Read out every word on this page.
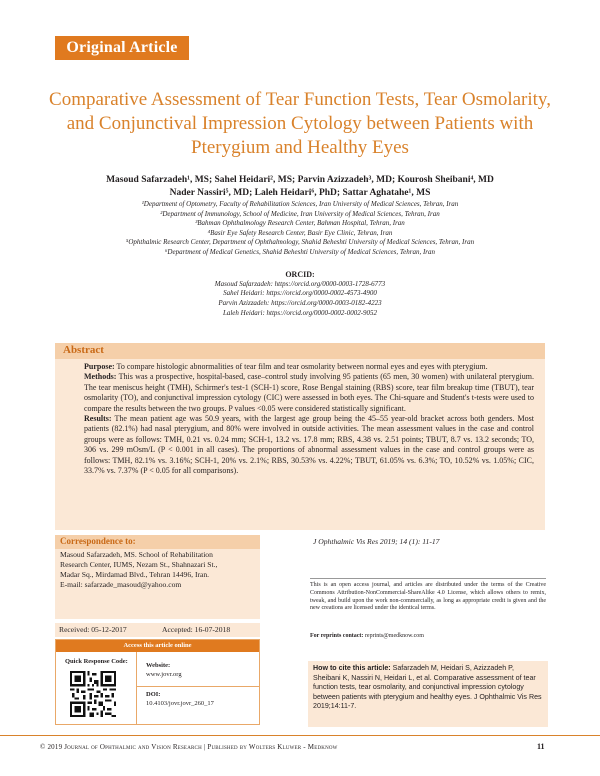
Original Article
Comparative Assessment of Tear Function Tests, Tear Osmolarity, and Conjunctival Impression Cytology between Patients with Pterygium and Healthy Eyes
Masoud Safarzadeh¹, MS; Sahel Heidari², MS; Parvin Azizzadeh³, MD; Kourosh Sheibani⁴, MD
Nader Nassiri⁵, MD; Laleh Heidari⁶, PhD; Sattar Aghatahe¹, MS
¹Department of Optometry, Faculty of Rehabilitation Sciences, Iran University of Medical Sciences, Tehran, Iran
²Department of Immunology, School of Medicine, Iran University of Medical Sciences, Tehran, Iran
³Bahman Ophthalmology Research Center, Bahman Hospital, Tehran, Iran
⁴Basir Eye Safety Research Center, Basir Eye Clinic, Tehran, Iran
⁵Ophthalmic Research Center, Department of Ophthalmology, Shahid Beheshti University of Medical Sciences, Tehran, Iran
⁶Department of Medical Genetics, Shahid Beheshti University of Medical Sciences, Tehran, Iran
ORCID:
Masoud Safarzadeh: https://orcid.org/0000-0003-1728-6773
Sahel Heidari: https://orcid.org/0000-0002-4573-4900
Parvin Azizzadeh: https://orcid.org/0000-0003-0182-4223
Laleh Heidari: https://orcid.org/0000-0002-0002-9052
Abstract

Purpose: To compare histologic abnormalities of tear film and tear osmolarity between normal eyes and eyes with pterygium.

Methods: This was a prospective, hospital-based, case–control study involving 95 patients (65 men, 30 women) with unilateral pterygium. The tear meniscus height (TMH), Schirmer's test-1 (SCH-1) score, Rose Bengal staining (RBS) score, tear film breakup time (TBUT), tear osmolarity (TO), and conjunctival impression cytology (CIC) were assessed in both eyes. The Chi-square and Student's t-tests were used to compare the results between the two groups. P values <0.05 were considered statistically significant.

Results: The mean patient age was 50.9 years, with the largest age group being the 45–55 year-old bracket across both genders. Most patients (82.1%) had nasal pterygium, and 80% were involved in outside activities. The mean assessment values in the case and control groups were as follows: TMH, 0.21 vs. 0.24 mm; SCH-1, 13.2 vs. 17.8 mm; RBS, 4.38 vs. 2.51 points; TBUT, 8.7 vs. 13.2 seconds; TO, 306 vs. 299 mOsm/L (P < 0.001 in all cases). The proportions of abnormal assessment values in the case and control groups were as follows: TMH, 82.1% vs. 3.16%; SCH-1, 20% vs. 2.1%; RBS, 30.53% vs. 4.22%; TBUT, 61.05% vs. 6.3%; TO, 10.52% vs. 1.05%; CIC, 33.7% vs. 7.37% (P < 0.05 for all comparisons).

Correspondence to:
Masoud Safarzadeh, MS. School of Rehabilitation
Research Center, IUMS, Nezam St., Shahnazari St.,
Madar Sq., Mirdamad Blvd., Tehran 14496, Iran.
E-mail: safarzade_masoud@yahoo.com
Received: 05-12-2017	Accepted: 16-07-2018
Access this article online
Quick Response Code:
Website:
www.jovr.org
DOI:
10.4103/jovr.jovr_260_17
J Ophthalmic Vis Res 2019; 14 (1): 11-17
This is an open access journal, and articles are distributed under the terms of the Creative Commons Attribution-NonCommercial-ShareAlike 4.0 License, which allows others to remix, tweak, and build upon the work non-commercially, as long as appropriate credit is given and the new creations are licensed under the identical terms.
For reprints contact: reprints@medknow.com
How to cite this article: Safarzadeh M, Heidari S, Azizzadeh P, Sheibani K, Nassiri N, Heidari L, et al. Comparative assessment of tear function tests, tear osmolarity, and conjunctival impression cytology between patients with pterygium and healthy eyes. J Ophthalmic Vis Res 2019;14:11-7.
© 2019 Journal of Ophthalmic and Vision Research | Published by Wolters Kluwer - Medknow	11
